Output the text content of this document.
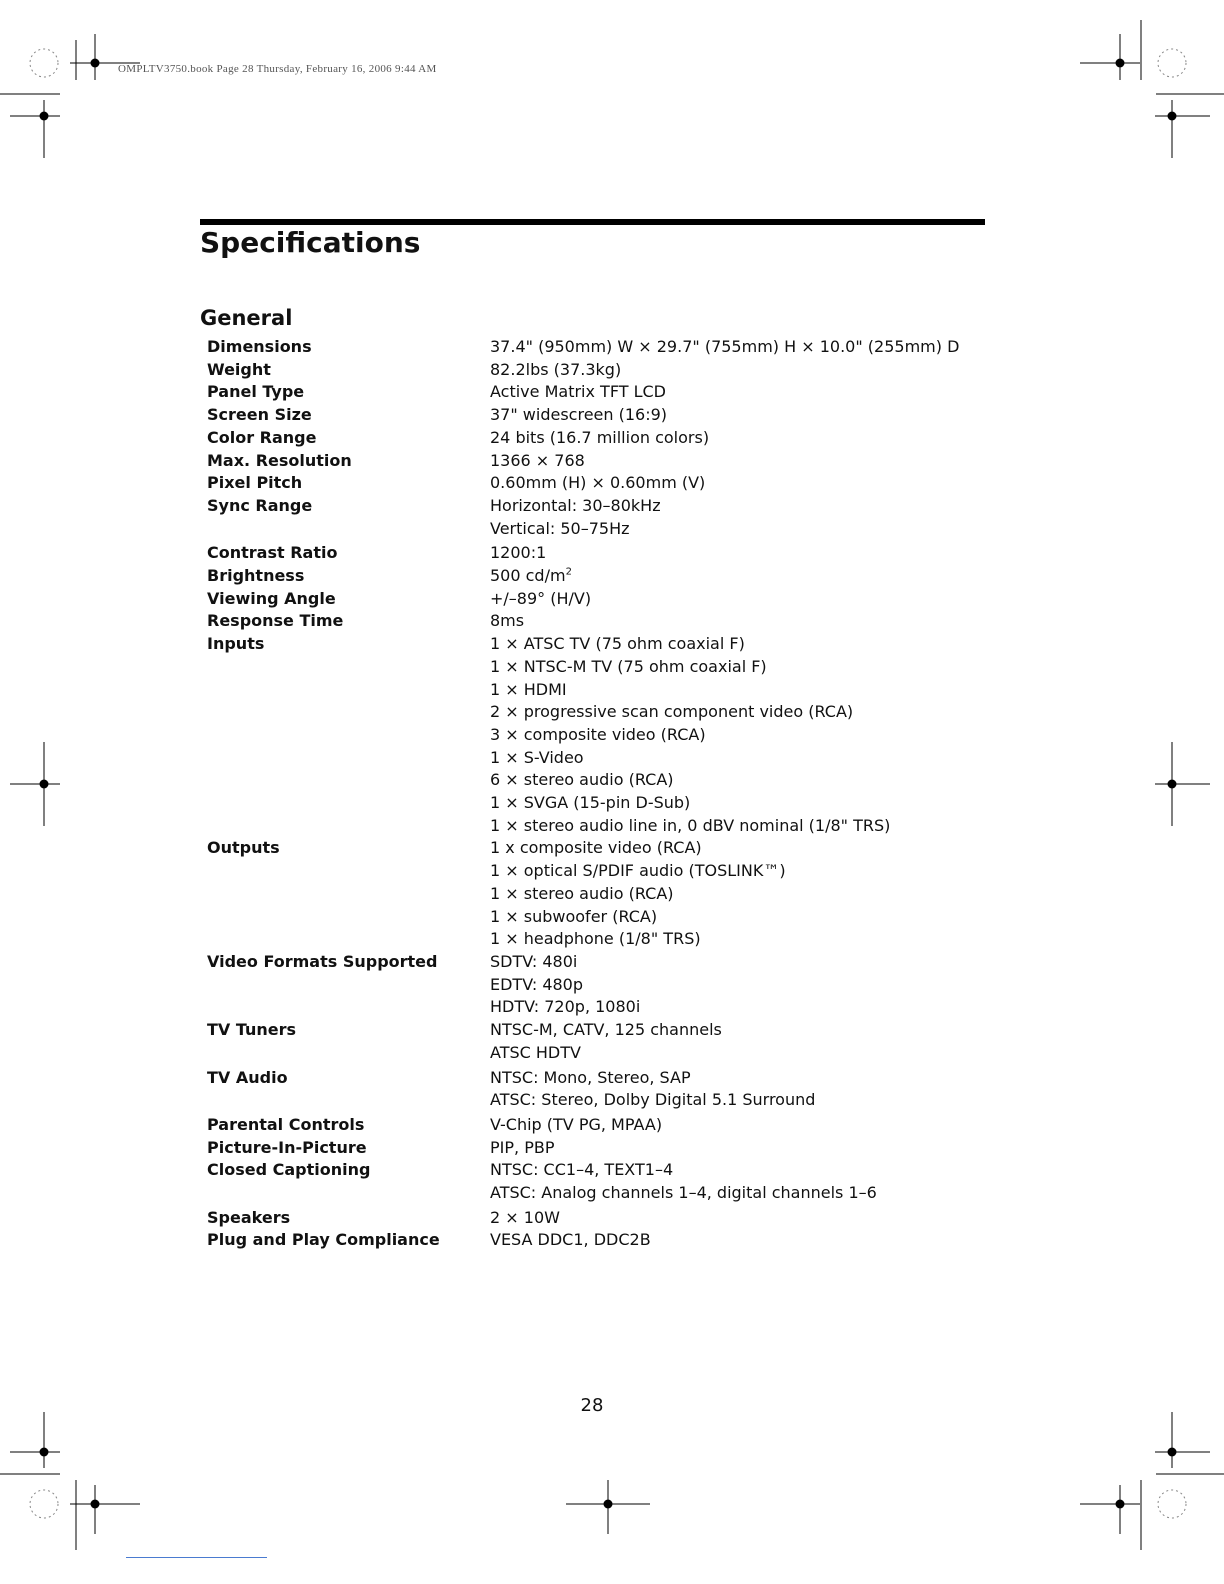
OMPLTV3750.book Page 28 Thursday, February 16, 2006 9:44 AM
Specifications
General
Dimensions	37.4" (950mm) W × 29.7" (755mm) H × 10.0" (255mm) D
Weight	82.2lbs (37.3kg)
Panel Type	Active Matrix TFT LCD
Screen Size	37" widescreen (16:9)
Color Range	24 bits (16.7 million colors)
Max. Resolution	1366 × 768
Pixel Pitch	0.60mm (H) × 0.60mm (V)
Sync Range	Horizontal: 30–80kHz
Vertical: 50–75Hz
Contrast Ratio	1200:1
Brightness	500 $cd/m^2$
Viewing Angle	+/–89° (H/V)
Response Time	8ms
Inputs	1 × ATSC TV (75 ohm coaxial F)
1 × NTSC-M TV (75 ohm coaxial F)
1 × HDMI
2 × progressive scan component video (RCA)
3 × composite video (RCA)
1 × S-Video
6 × stereo audio (RCA)
1 × SVGA (15-pin D-Sub)
1 × stereo audio line in, 0 dBV nominal (1/8" TRS)
Outputs	1 x composite video (RCA)
1 × optical S/PDIF audio (TOSLINK™)
1 × stereo audio (RCA)
1 × subwoofer (RCA)
1 × headphone (1/8" TRS)
Video Formats Supported	SDTV: 480i
EDTV: 480p
HDTV: 720p, 1080i
TV Tuners	NTSC-M, CATV, 125 channels
ATSC HDTV
TV Audio	NTSC: Mono, Stereo, SAP
ATSC: Stereo, Dolby Digital 5.1 Surround
Parental Controls	V-Chip (TV PG, MPAA)
Picture-In-Picture	PIP, PBP
Closed Captioning	NTSC: CC1–4, TEXT1–4
ATSC: Analog channels 1–4, digital channels 1–6
Speakers	2 × 10W
Plug and Play Compliance	VESA DDC1, DDC2B
28
